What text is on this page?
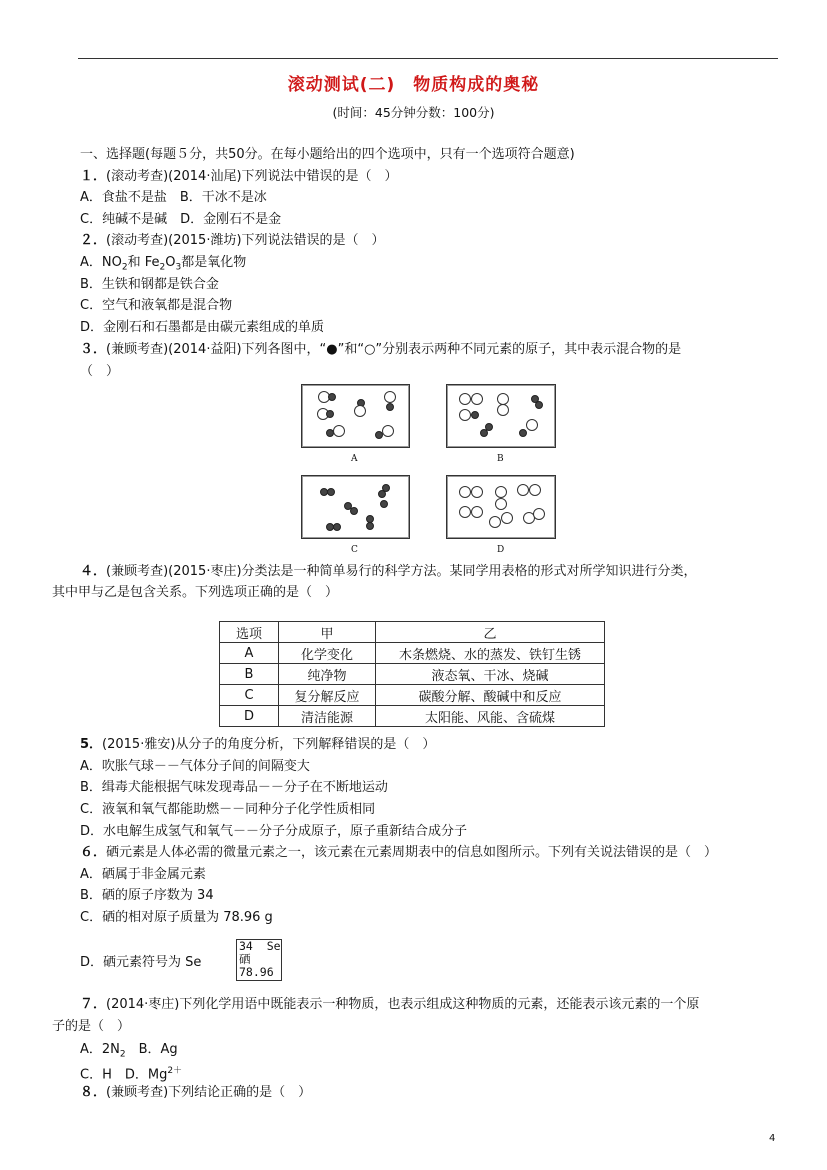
滚动测试(二)　物质构成的奥秘
(时间：45分钟分数：100分)
一、选择题(每题５分，共50分。在每小题给出的四个选项中，只有一个选项符合题意)
１．(滚动考查)(2014·汕尾)下列说法中错误的是（　）
A．食盐不是盐　B．干冰不是冰
C．纯碱不是碱　D．金刚石不是金
２．(滚动考查)(2015·潍坊)下列说法错误的是（　）
A．$NO_2$和 $Fe_2O_3$都是氧化物
B．生铁和钢都是铁合金
C．空气和液氧都是混合物
D．金刚石和石墨都是由碳元素组成的单质
３．(兼顾考查)(2014·益阳)下列各图中，“●”和“○”分别表示两种不同元素的原子，其中表示混合物的是
（　）
A	B
C	D
４．(兼顾考查)(2015·枣庄)分类法是一种简单易行的科学方法。某同学用表格的形式对所学知识进行分类，
其中甲与乙是包含关系。下列选项正确的是（　）
选项	甲	乙
A	化学变化	木条燃烧、水的蒸发、铁钉生锈
B	纯净物	液态氧、干冰、烧碱
C	复分解反应	碳酸分解、酸碱中和反应
D	清洁能源	太阳能、风能、含硫煤
5．(2015·雅安)从分子的角度分析，下列解释错误的是（　）
A．吹胀气球－－气体分子间的间隔变大
B．缉毒犬能根据气味发现毒品－－分子在不断地运动
C．液氧和氧气都能助燃－－同种分子化学性质相同
D．水电解生成氢气和氧气－－分子分成原子，原子重新结合成分子
６．硒元素是人体必需的微量元素之一，该元素在元素周期表中的信息如图所示。下列有关说法错误的是（　）
A．硒属于非金属元素
B．硒的原子序数为 34
C．硒的相对原子质量为 78.96 g
D．硒元素符号为 Se
34 Se
硒
78.96
７．(2014·枣庄)下列化学用语中既能表示一种物质，也表示组成这种物质的元素，还能表示该元素的一个原
子的是（　）
A．$2N_2$　B．Ag
C．H　D．$Mg^{2+}$
８．(兼顾考查)下列结论正确的是（　）
4
